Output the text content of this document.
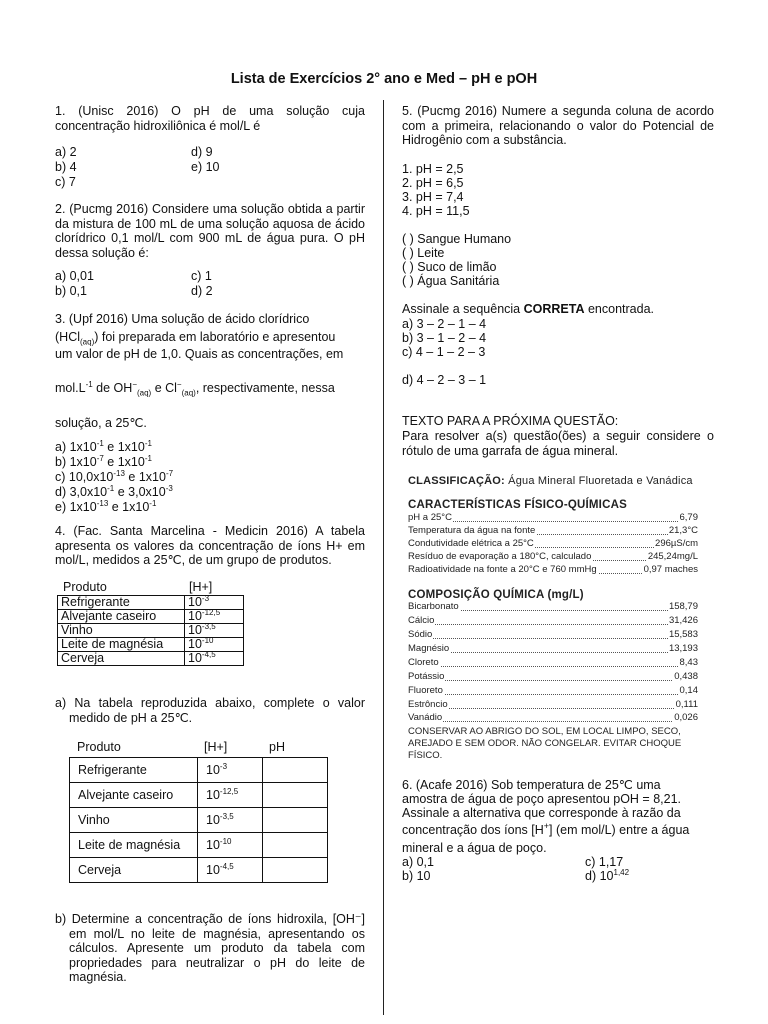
Lista de Exercícios 2° ano e Med – pH e pOH
1. (Unisc 2016) O pH de uma solução cuja concentração hidroxiliônica é mol/L é
a) 2
b) 4
c) 7
d) 9
e) 10
2. (Pucmg 2016) Considere uma solução obtida a partir da mistura de 100 mL de uma solução aquosa de ácido clorídrico 0,1 mol/L com 900 mL de água pura. O pH dessa solução é:
a) 0,01
b) 0,1
c) 1
d) 2
3. (Upf 2016) Uma solução de ácido clorídrico
(HCl$_{(aq)}$) foi preparada em laboratório e apresentou
um valor de pH de 1,0. Quais as concentrações, em
$mol.L^{-1}$ de $OH^-_{(aq)}$ e $Cl^-_{(aq)}$, respectivamente, nessa
solução, a 25℃.
a) $1x10^{-1}$ e $1x10^{-1}$
b) $1x10^{-7}$ e $1x10^{-1}$
c) $10,0x10^{-13}$ e $1x10^{-7}$
d) $3,0x10^{-1}$ e $3,0x10^{-3}$
e) $1x10^{-13}$ e $1x10^{-1}$
4. (Fac. Santa Marcelina - Medicin 2016) A tabela apresenta os valores da concentração de íons H+ em mol/L, medidos a 25℃, de um grupo de produtos.
Produto	[H+]
Refrigerante	$10^{-3}$
Alvejante caseiro	$10^{-12,5}$
Vinho	$10^{-3,5}$
Leite de magnésia	$10^{-10}$
Cerveja	$10^{-4,5}$
a) Na tabela reproduzida abaixo, complete o valor medido de pH a 25℃.
Produto	[H+]	pH
Refrigerante	$10^{-3}$	
Alvejante caseiro	$10^{-12,5}$	
Vinho	$10^{-3,5}$	
Leite de magnésia	$10^{-10}$	
Cerveja	$10^{-4,5}$	
b) Determine a concentração de íons hidroxila, [OH⁻] em mol/L no leite de magnésia, apresentando os cálculos. Apresente um produto da tabela com propriedades para neutralizar o pH do leite de magnésia.
5. (Pucmg 2016) Numere a segunda coluna de acordo com a primeira, relacionando o valor do Potencial de Hidrogênio com a substância.
1. pH = 2,5
2. pH = 6,5
3. pH = 7,4
4. pH = 11,5
( ) Sangue Humano
( ) Leite
( ) Suco de limão
( ) Água Sanitária
Assinale a sequência CORRETA encontrada.
a) 3 – 2 – 1 – 4
b) 3 – 1 – 2 – 4
c) 4 – 1 – 2 – 3
d) 4 – 2 – 3 – 1
TEXTO PARA A PRÓXIMA QUESTÃO:
Para resolver a(s) questão(ões) a seguir considere o rótulo de uma garrafa de água mineral.
CLASSIFICAÇÃO: Água Mineral Fluoretada e Vanádica
CARACTERÍSTICAS FÍSICO-QUÍMICAS
pH a 25°C	6,79
Temperatura da água na fonte	21,3°C
Condutividade elétrica a 25°C	296µS/cm
Resíduo de evaporação a 180°C, calculado	245,24mg/L
Radioatividade na fonte a 20°C e 760 mmHg	0,97 maches
COMPOSIÇÃO QUÍMICA (mg/L)
Bicarbonato	158,79
Cálcio	31,426
Sódio	15,583
Magnésio	13,193
Cloreto	8,43
Potássio	0,438
Fluoreto	0,14
Estrôncio	0,111
Vanádio	0,026
CONSERVAR AO ABRIGO DO SOL, EM LOCAL LIMPO, SECO, AREJADO E SEM ODOR. NÃO CONGELAR. EVITAR CHOQUE FÍSICO.
6. (Acafe 2016) Sob temperatura de 25℃ uma
amostra de água de poço apresentou pOH = 8,21.
Assinale a alternativa que corresponde à razão da
concentração dos íons [H+] (em mol/L) entre a água
mineral e a água de poço.
a) 0,1
b) 10
c) 1,17
d) 10$^{1,42}$
